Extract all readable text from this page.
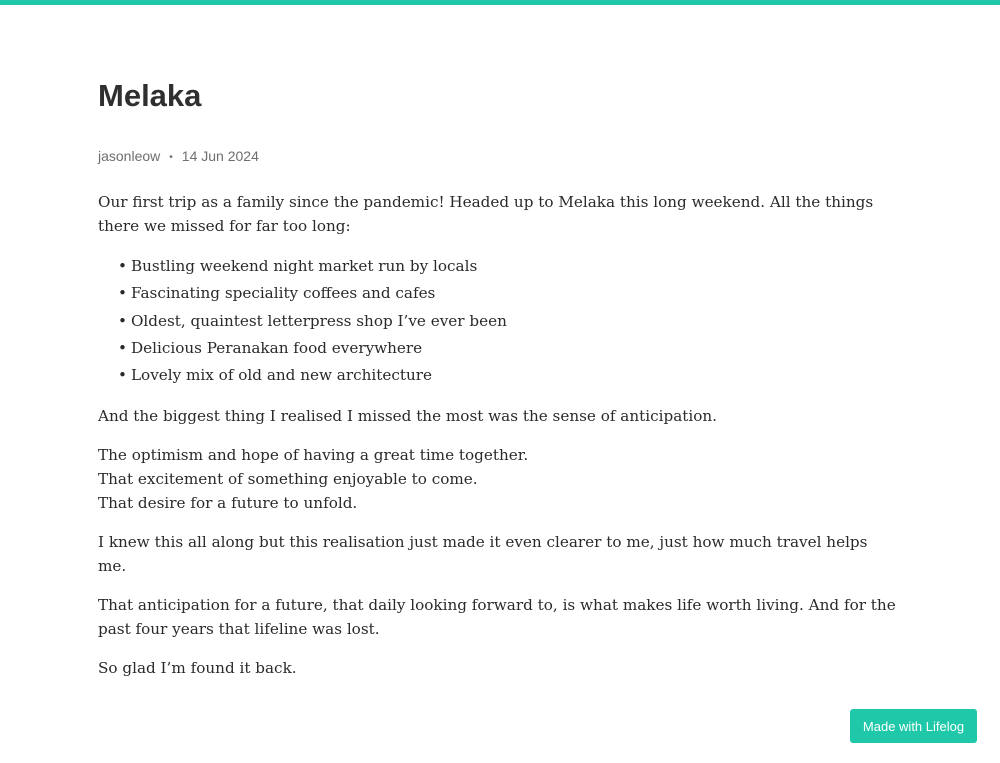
Melaka
jasonleow • 14 Jun 2024

Our first trip as a family since the pandemic! Headed up to Melaka this long weekend. All the things there we missed for far too long:

• Bustling weekend night market run by locals
• Fascinating speciality coffees and cafes
• Oldest, quaintest letterpress shop I’ve ever been
• Delicious Peranakan food everywhere
• Lovely mix of old and new architecture

And the biggest thing I realised I missed the most was the sense of anticipation.

The optimism and hope of having a great time together.
That excitement of something enjoyable to come.
That desire for a future to unfold.

I knew this all along but this realisation just made it even clearer to me, just how much travel helps me.

That anticipation for a future, that daily looking forward to, is what makes life worth living. And for the past four years that lifeline was lost.

So glad I’m found it back.

Made with Lifelog
